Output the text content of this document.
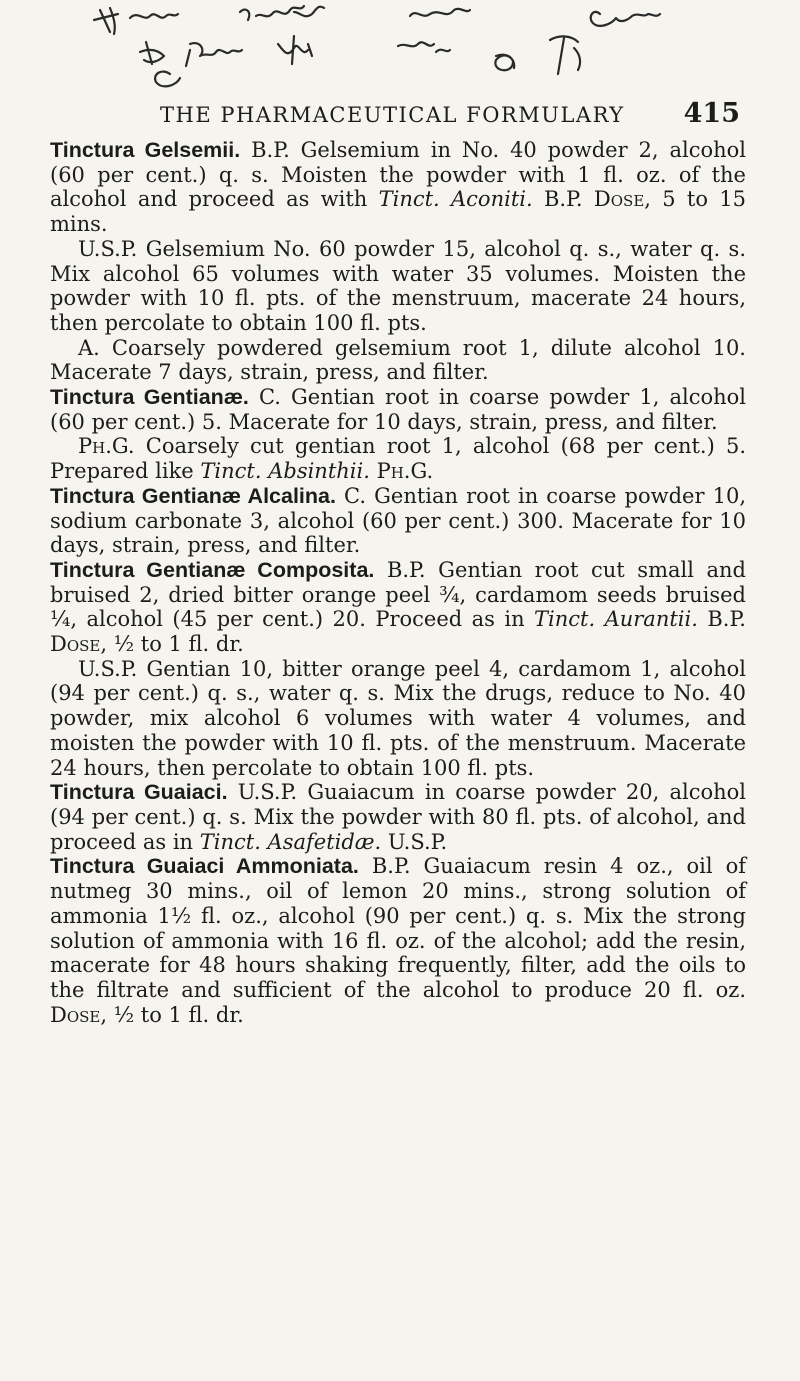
THE PHARMACEUTICAL FORMULARY 415

Tinctura Gelsemii. B.P. Gelsemium in No. 40 powder 2, alcohol (60 per cent.) q. s. Moisten the powder with 1 fl. oz. of the alcohol and proceed as with Tinct. Aconiti. B.P. Dose, 5 to 15 mins.

U.S.P. Gelsemium No. 60 powder 15, alcohol q. s., water q. s. Mix alcohol 65 volumes with water 35 volumes. Moisten the powder with 10 fl. pts. of the menstruum, macerate 24 hours, then percolate to obtain 100 fl. pts.

A. Coarsely powdered gelsemium root 1, dilute alcohol 10. Macerate 7 days, strain, press, and filter.

Tinctura Gentianæ. C. Gentian root in coarse powder 1, alcohol (60 per cent.) 5. Macerate for 10 days, strain, press, and filter.

Ph.G. Coarsely cut gentian root 1, alcohol (68 per cent.) 5. Prepared like Tinct. Absinthii. Ph.G.

Tinctura Gentianæ Alcalina. C. Gentian root in coarse powder 10, sodium carbonate 3, alcohol (60 per cent.) 300. Macerate for 10 days, strain, press, and filter.

Tinctura Gentianæ Composita. B.P. Gentian root cut small and bruised 2, dried bitter orange peel ¾, cardamom seeds bruised ¼, alcohol (45 per cent.) 20. Proceed as in Tinct. Aurantii. B.P. Dose, ½ to 1 fl. dr.

U.S.P. Gentian 10, bitter orange peel 4, cardamom 1, alcohol (94 per cent.) q. s., water q. s. Mix the drugs, reduce to No. 40 powder, mix alcohol 6 volumes with water 4 volumes, and moisten the powder with 10 fl. pts. of the menstruum. Macerate 24 hours, then percolate to obtain 100 fl. pts.

Tinctura Guaiaci. U.S.P. Guaiacum in coarse powder 20, alcohol (94 per cent.) q. s. Mix the powder with 80 fl. pts. of alcohol, and proceed as in Tinct. Asafetidæ. U.S.P.

Tinctura Guaiaci Ammoniata. B.P. Guaiacum resin 4 oz., oil of nutmeg 30 mins., oil of lemon 20 mins., strong solution of ammonia 1½ fl. oz., alcohol (90 per cent.) q. s. Mix the strong solution of ammonia with 16 fl. oz. of the alcohol; add the resin, macerate for 48 hours shaking frequently, filter, add the oils to the filtrate and sufficient of the alcohol to produce 20 fl. oz. Dose, ½ to 1 fl. dr.
